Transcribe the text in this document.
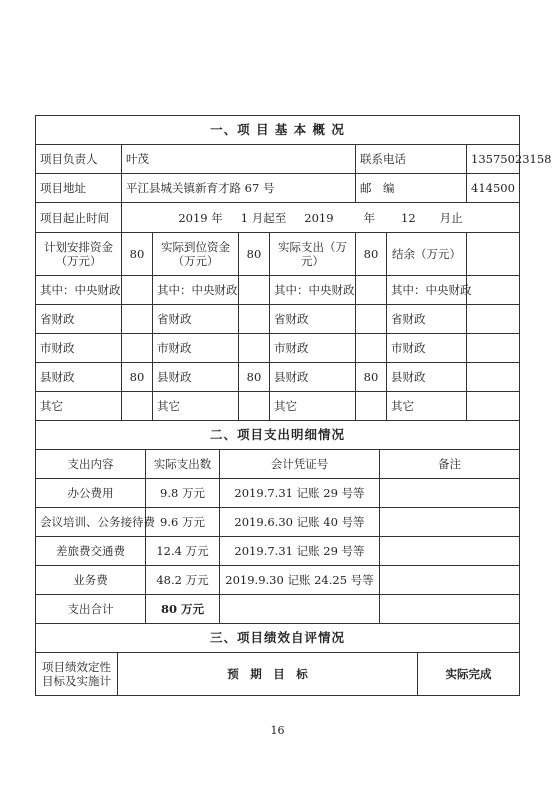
一、项 目 基 本 概 况							
项目负责人	叶茂				联系电话		13575023158
项目地址	平江县城关镇新育才路 67 号				邮　编		414500
项目起止时间	2019 年 1 月起至 2019 年 12 月止						
计划安排资金（万元）	80	实际到位资金（万元）	80	实际支出（万元）	80	结余（万元）	
其中：中央财政		其中：中央财政		其中：中央财政		其中：中央财政	
省财政		省财政		省财政		省财政	
市财政		市财政		市财政		市财政	
县财政	80	县财政	80	县财政	80	县财政	
其它		其它		其它		其它	
二、项目支出明细情况							
支出内容	实际支出数	会计凭证号	备注
办公费用	9.8 万元	2019.7.31 记账 29 号等	
会议培训、公务接待费	9.6 万元	2019.6.30 记账 40 号等	
差旅费交通费	12.4 万元	2019.7.31 记账 29 号等	
业务费	48.2 万元	2019.9.30 记账 24.25 号等	
支出合计	80 万元		
三、项目绩效自评情况			
项目绩效定性目标及实施计	预　期　目　标	实际完成
16
